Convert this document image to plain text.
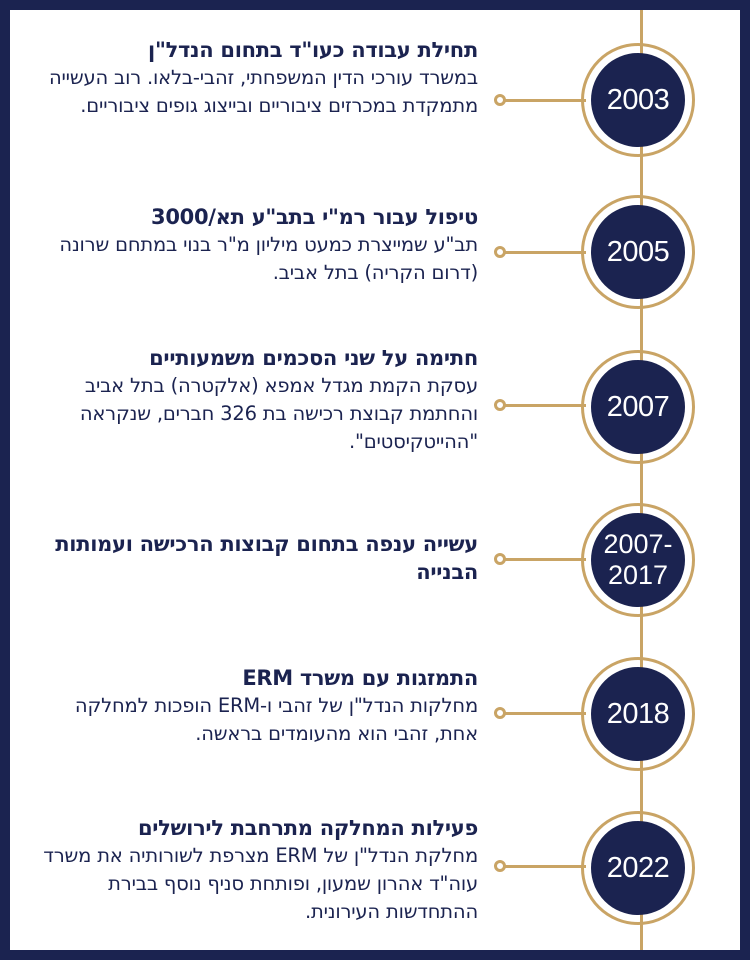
2003
תחילת עבודה כעו"ד בתחום הנדל"ן
במשרד עורכי הדין המשפחתי, זהבי-בלאו. רוב העשייה מתמקדת במכרזים ציבוריים ובייצוג גופים ציבוריים.
2005
טיפול עבור רמ"י בתב"ע תא/3000
תב"ע שמייצרת כמעט מיליון מ"ר בנוי במתחם שרונה (דרום הקריה) בתל אביב.
2007
חתימה על שני הסכמים משמעותיים
עסקת הקמת מגדל אמפא (אלקטרה) בתל אביב והחתמת קבוצת רכישה בת 326 חברים, שנקראה "ההייטקיסטים".
2007-2017
עשייה ענפה בתחום קבוצות הרכישה ועמותות הבנייה
2018
התמזגות עם משרד ERM
מחלקות הנדל"ן של זהבי ו-ERM הופכות למחלקה אחת, זהבי הוא מהעומדים בראשה.
2022
פעילות המחלקה מתרחבת לירושלים
מחלקת הנדל"ן של ERM מצרפת לשורותיה את משרד עוה"ד אהרון שמעון, ופותחת סניף נוסף בבירת ההתחדשות העירונית.
